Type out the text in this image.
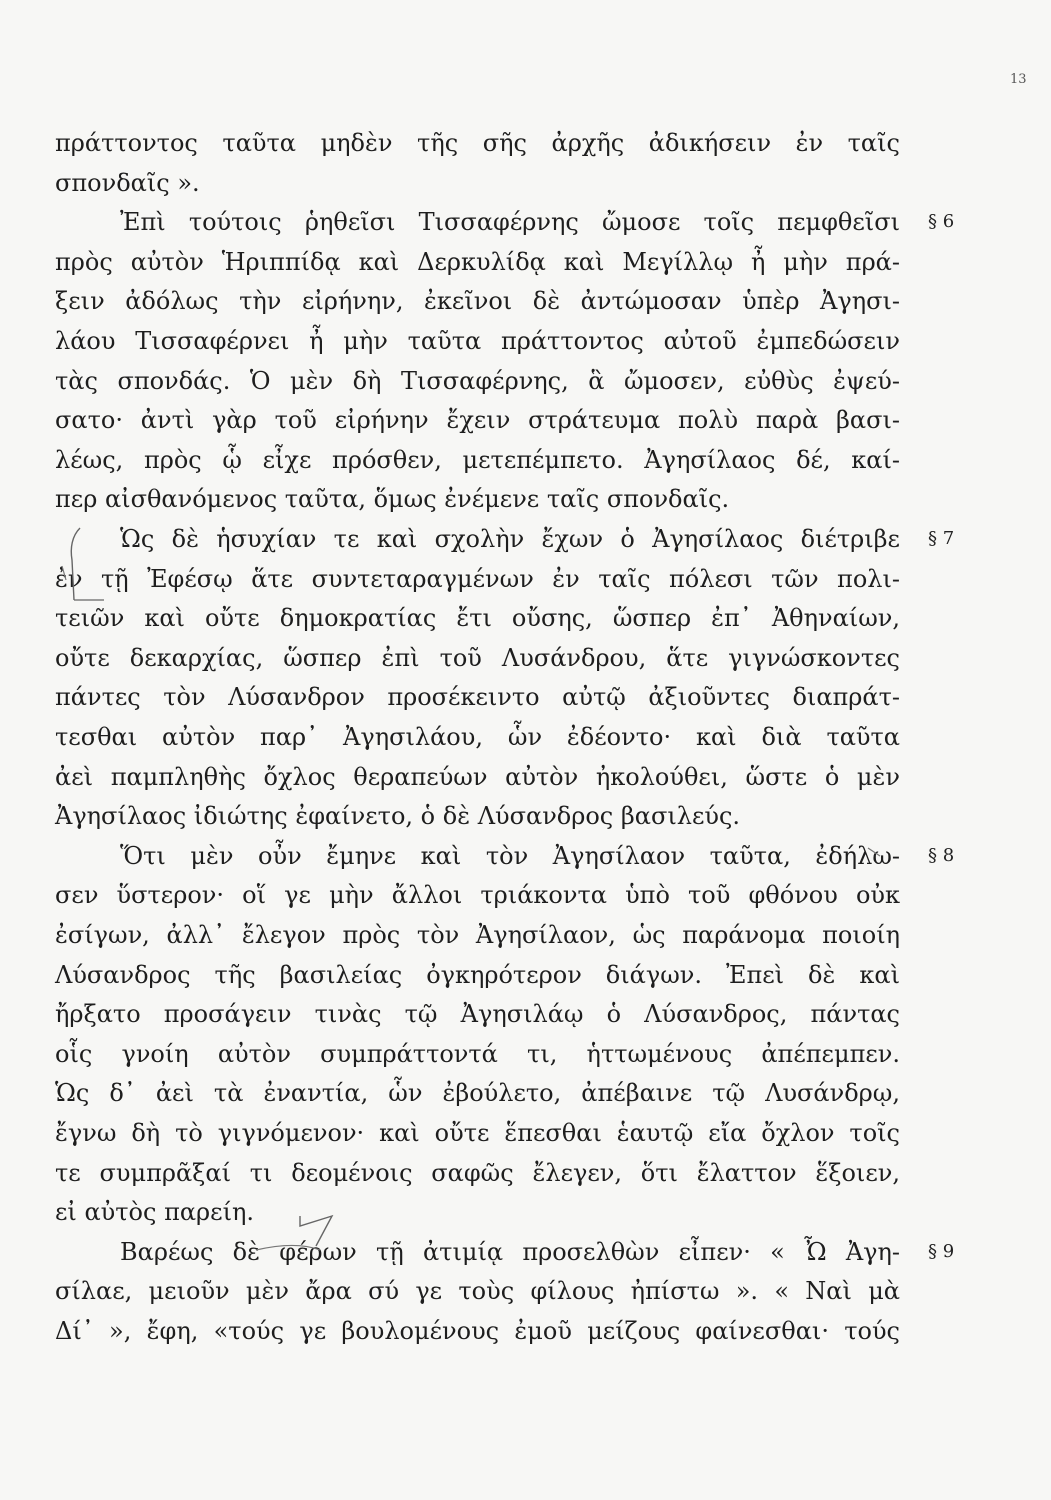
13
πράττοντος ταῦτα μηδὲν τῆς σῆς ἀρχῆς ἀδικήσειν ἐν ταῖς
σπονδαῖς ».
Ἐπὶ τούτοις ῥηθεῖσι Τισσαφέρνης ὤμοσε τοῖς πεμφθεῖσι
πρὸς αὐτὸν Ἡριππίδᾳ καὶ Δερκυλίδᾳ καὶ Μεγίλλῳ ἦ μὴν πρά-
ξειν ἀδόλως τὴν εἰρήνην, ἐκεῖνοι δὲ ἀντώμοσαν ὑπὲρ Ἀγησι-
λάου Τισσαφέρνει ἦ μὴν ταῦτα πράττοντος αὐτοῦ ἐμπεδώσειν
τὰς σπονδάς. Ὁ μὲν δὴ Τισσαφέρνης, ἃ ὤμοσεν, εὐθὺς ἐψεύ-
σατο· ἀντὶ γὰρ τοῦ εἰρήνην ἔχειν στράτευμα πολὺ παρὰ βασι-
λέως, πρὸς ᾧ εἶχε πρόσθεν, μετεπέμπετο. Ἀγησίλαος δέ, καί-
περ αἰσθανόμενος ταῦτα, ὅμως ἐνέμενε ταῖς σπονδαῖς.
Ὡς δὲ ἡσυχίαν τε καὶ σχολὴν ἔχων ὁ Ἀγησίλαος διέτριβε
ἐν τῇ Ἐφέσῳ ἅτε συντεταραγμένων ἐν ταῖς πόλεσι τῶν πολι-
τειῶν καὶ οὔτε δημοκρατίας ἔτι οὔσης, ὥσπερ ἐπ᾽ Ἀθηναίων,
οὔτε δεκαρχίας, ὥσπερ ἐπὶ τοῦ Λυσάνδρου, ἅτε γιγνώσκοντες
πάντες τὸν Λύσανδρον προσέκειντο αὐτῷ ἀξιοῦντες διαπράτ-
τεσθαι αὐτὸν παρ᾽ Ἀγησιλάου, ὧν ἐδέοντο· καὶ διὰ ταῦτα
ἀεὶ παμπληθὴς ὄχλος θεραπεύων αὐτὸν ἠκολούθει, ὥστε ὁ μὲν
Ἀγησίλαος ἰδιώτης ἐφαίνετο, ὁ δὲ Λύσανδρος βασιλεύς.
Ὅτι μὲν οὖν ἔμηνε καὶ τὸν Ἀγησίλαον ταῦτα, ἐδήλω-
σεν ὕστερον· οἵ γε μὴν ἄλλοι τριάκοντα ὑπὸ τοῦ φθόνου οὐκ
ἐσίγων, ἀλλ᾽ ἔλεγον πρὸς τὸν Ἀγησίλαον, ὡς παράνομα ποιοίη
Λύσανδρος τῆς βασιλείας ὀγκηρότερον διάγων. Ἐπεὶ δὲ καὶ
ἤρξατο προσάγειν τινὰς τῷ Ἀγησιλάῳ ὁ Λύσανδρος, πάντας
οἷς γνοίη αὐτὸν συμπράττοντά τι, ἡττωμένους ἀπέπεμπεν.
Ὡς δ᾽ ἀεὶ τὰ ἐναντία, ὧν ἐβούλετο, ἀπέβαινε τῷ Λυσάνδρῳ,
ἔγνω δὴ τὸ γιγνόμενον· καὶ οὔτε ἕπεσθαι ἑαυτῷ εἴα ὄχλον τοῖς
τε συμπρᾶξαί τι δεομένοις σαφῶς ἔλεγεν, ὅτι ἔλαττον ἕξοιεν,
εἰ αὐτὸς παρείη.
Βαρέως δὲ φέρων τῇ ἀτιμίᾳ προσελθὼν εἶπεν· « Ὦ Ἀγη-
σίλαε, μειοῦν μὲν ἄρα σύ γε τοὺς φίλους ἠπίστω ». « Ναὶ μὰ
Δί᾽ », ἔφη, «τούς γε βουλομένους ἐμοῦ μείζους φαίνεσθαι· τούς
§ 6
§ 7
§ 8
§ 9
